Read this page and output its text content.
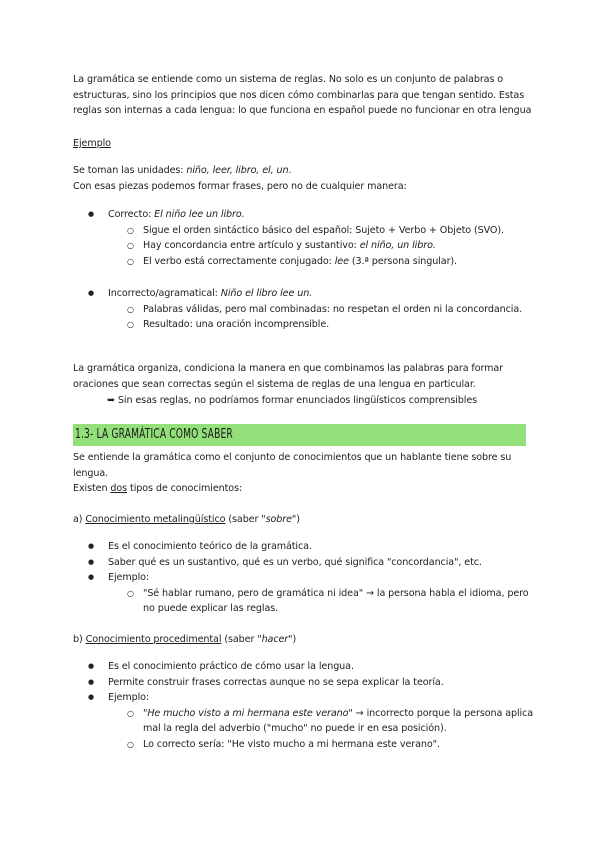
La gramática se entiende como un sistema de reglas. No solo es un conjunto de palabras o

estructuras, sino los principios que nos dicen cómo combinarlas para que tengan sentido. Estas

reglas son internas a cada lengua: lo que funciona en español puede no funcionar en otra lengua

Ejemplo

Se toman las unidades: niño, leer, libro, el, un.

Con esas piezas podemos formar frases, pero no de cualquier manera:

● Correcto: El niño lee un libro.
○ Sigue el orden sintáctico básico del español: Sujeto + Verbo + Objeto (SVO).
○ Hay concordancia entre artículo y sustantivo: el niño, un libro.
○ El verbo está correctamente conjugado: lee (3.ª persona singular).
● Incorrecto/agramatical: Niño el libro lee un.
○ Palabras válidas, pero mal combinadas: no respetan el orden ni la concordancia.
○ Resultado: una oración incomprensible.

La gramática organiza, condiciona la manera en que combinamos las palabras para formar

oraciones que sean correctas según el sistema de reglas de una lengua en particular.

➥ Sin esas reglas, no podríamos formar enunciados lingüísticos comprensibles
1.3- LA GRAMÁTICA COMO SABER

Se entiende la gramática como el conjunto de conocimientos que un hablante tiene sobre su

lengua.

Existen dos tipos de conocimientos:

a) Conocimiento metalingüístico (saber "sobre")
● Es el conocimiento teórico de la gramática.
● Saber qué es un sustantivo, qué es un verbo, qué significa "concordancia", etc.
● Ejemplo:
○ "Sé hablar rumano, pero de gramática ni idea" → la persona habla el idioma, pero
no puede explicar las reglas.
b) Conocimiento procedimental (saber "hacer")
● Es el conocimiento práctico de cómo usar la lengua.
● Permite construir frases correctas aunque no se sepa explicar la teoría.
● Ejemplo:
○ "He mucho visto a mi hermana este verano" → incorrecto porque la persona aplica
mal la regla del adverbio ("mucho" no puede ir en esa posición).
○ Lo correcto sería: "He visto mucho a mi hermana este verano".
